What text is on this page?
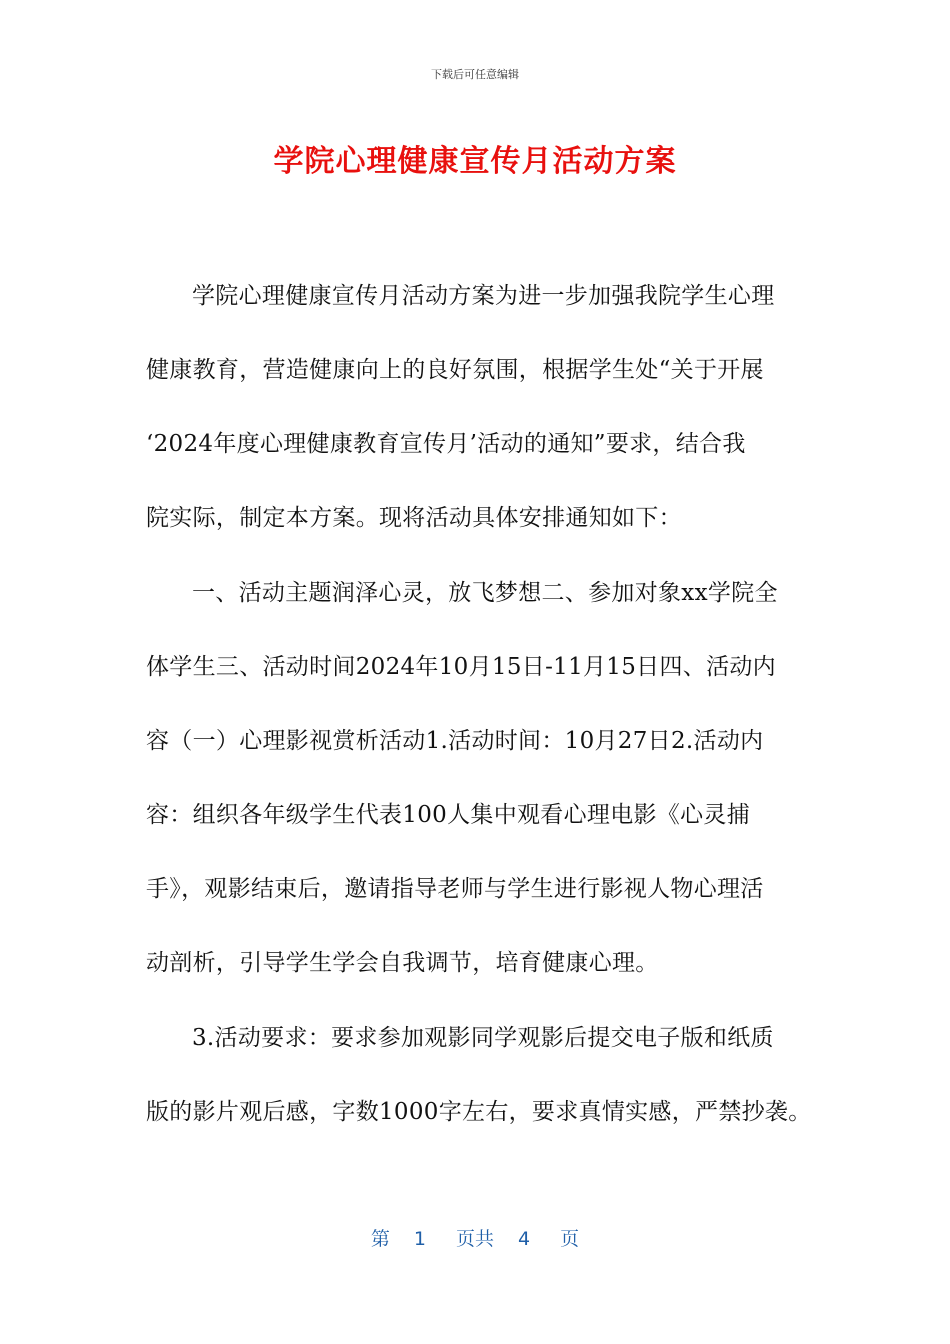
下载后可任意编辑
学院心理健康宣传月活动方案
学院心理健康宣传月活动方案为进一步加强我院学生心理
健康教育，营造健康向上的良好氛围，根据学生处“关于开展
‘2024年度心理健康教育宣传月’活动的通知”要求，结合我
院实际，制定本方案。现将活动具体安排通知如下：
一、活动主题润泽心灵，放飞梦想二、参加对象xx学院全
体学生三、活动时间2024年10月15日-11月15日四、活动内
容（一）心理影视赏析活动1.活动时间：10月27日2.活动内
容：组织各年级学生代表100人集中观看心理电影《心灵捕
手》，观影结束后，邀请指导老师与学生进行影视人物心理活
动剖析，引导学生学会自我调节，培育健康心理。
3.活动要求：要求参加观影同学观影后提交电子版和纸质
版的影片观后感，字数1000字左右，要求真情实感，严禁抄袭。
第 1 页共 4 页
